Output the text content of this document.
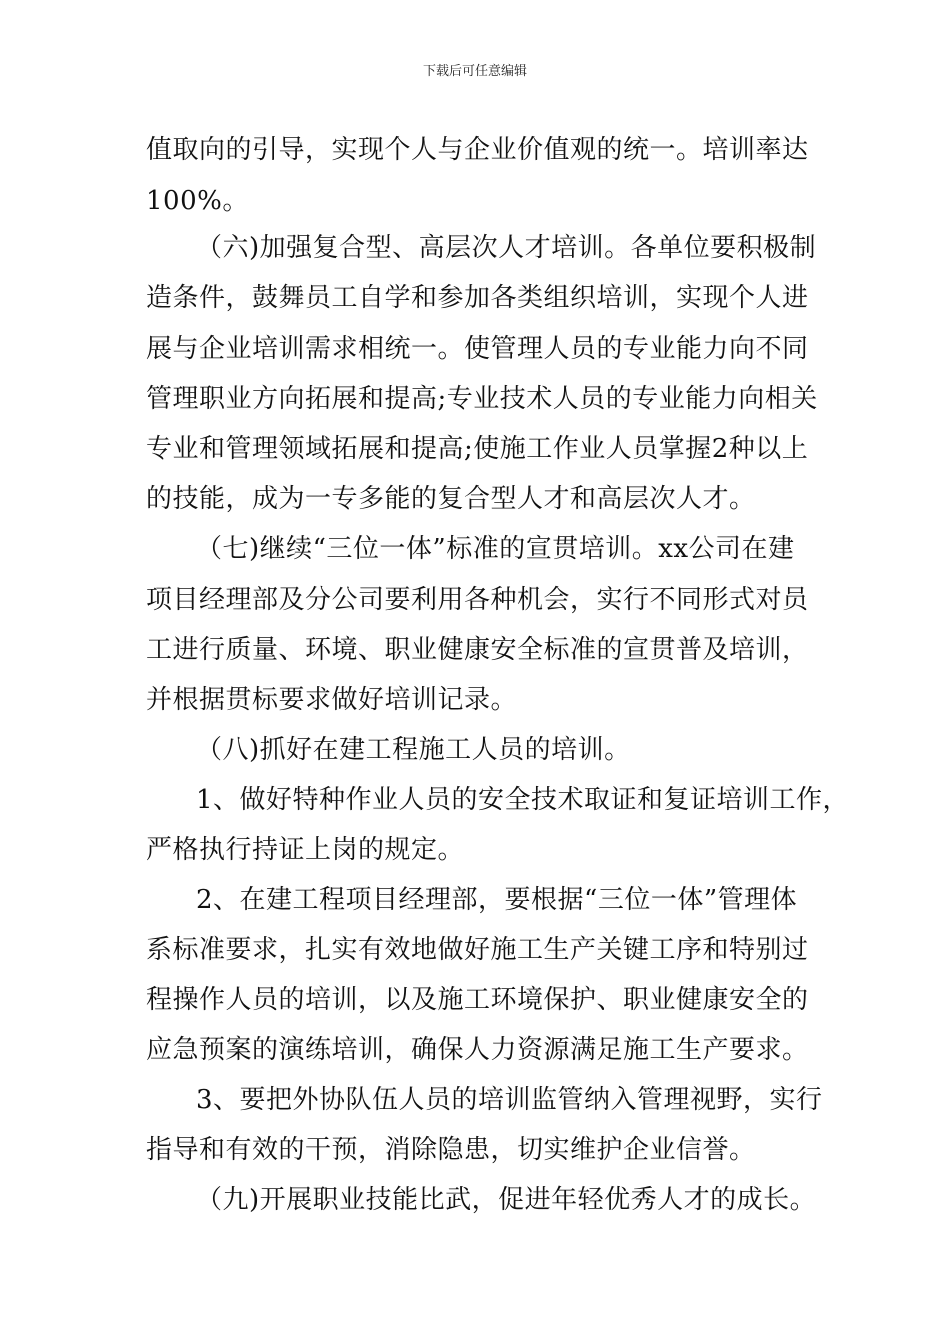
下载后可任意编辑
值取向的引导，实现个人与企业价值观的统一。培训率达
100%。
（六)加强复合型、高层次人才培训。各单位要积极制
造条件，鼓舞员工自学和参加各类组织培训，实现个人进
展与企业培训需求相统一。使管理人员的专业能力向不同
管理职业方向拓展和提高;专业技术人员的专业能力向相关
专业和管理领域拓展和提高;使施工作业人员掌握2种以上
的技能，成为一专多能的复合型人才和高层次人才。
（七)继续“三位一体”标准的宣贯培训。xx公司在建
项目经理部及分公司要利用各种机会，实行不同形式对员
工进行质量、环境、职业健康安全标准的宣贯普及培训，
并根据贯标要求做好培训记录。
（八)抓好在建工程施工人员的培训。
1、做好特种作业人员的安全技术取证和复证培训工作，
严格执行持证上岗的规定。
2、在建工程项目经理部，要根据“三位一体”管理体
系标准要求，扎实有效地做好施工生产关键工序和特别过
程操作人员的培训，以及施工环境保护、职业健康安全的
应急预案的演练培训，确保人力资源满足施工生产要求。
3、要把外协队伍人员的培训监管纳入管理视野，实行
指导和有效的干预，消除隐患，切实维护企业信誉。
（九)开展职业技能比武，促进年轻优秀人才的成长。
